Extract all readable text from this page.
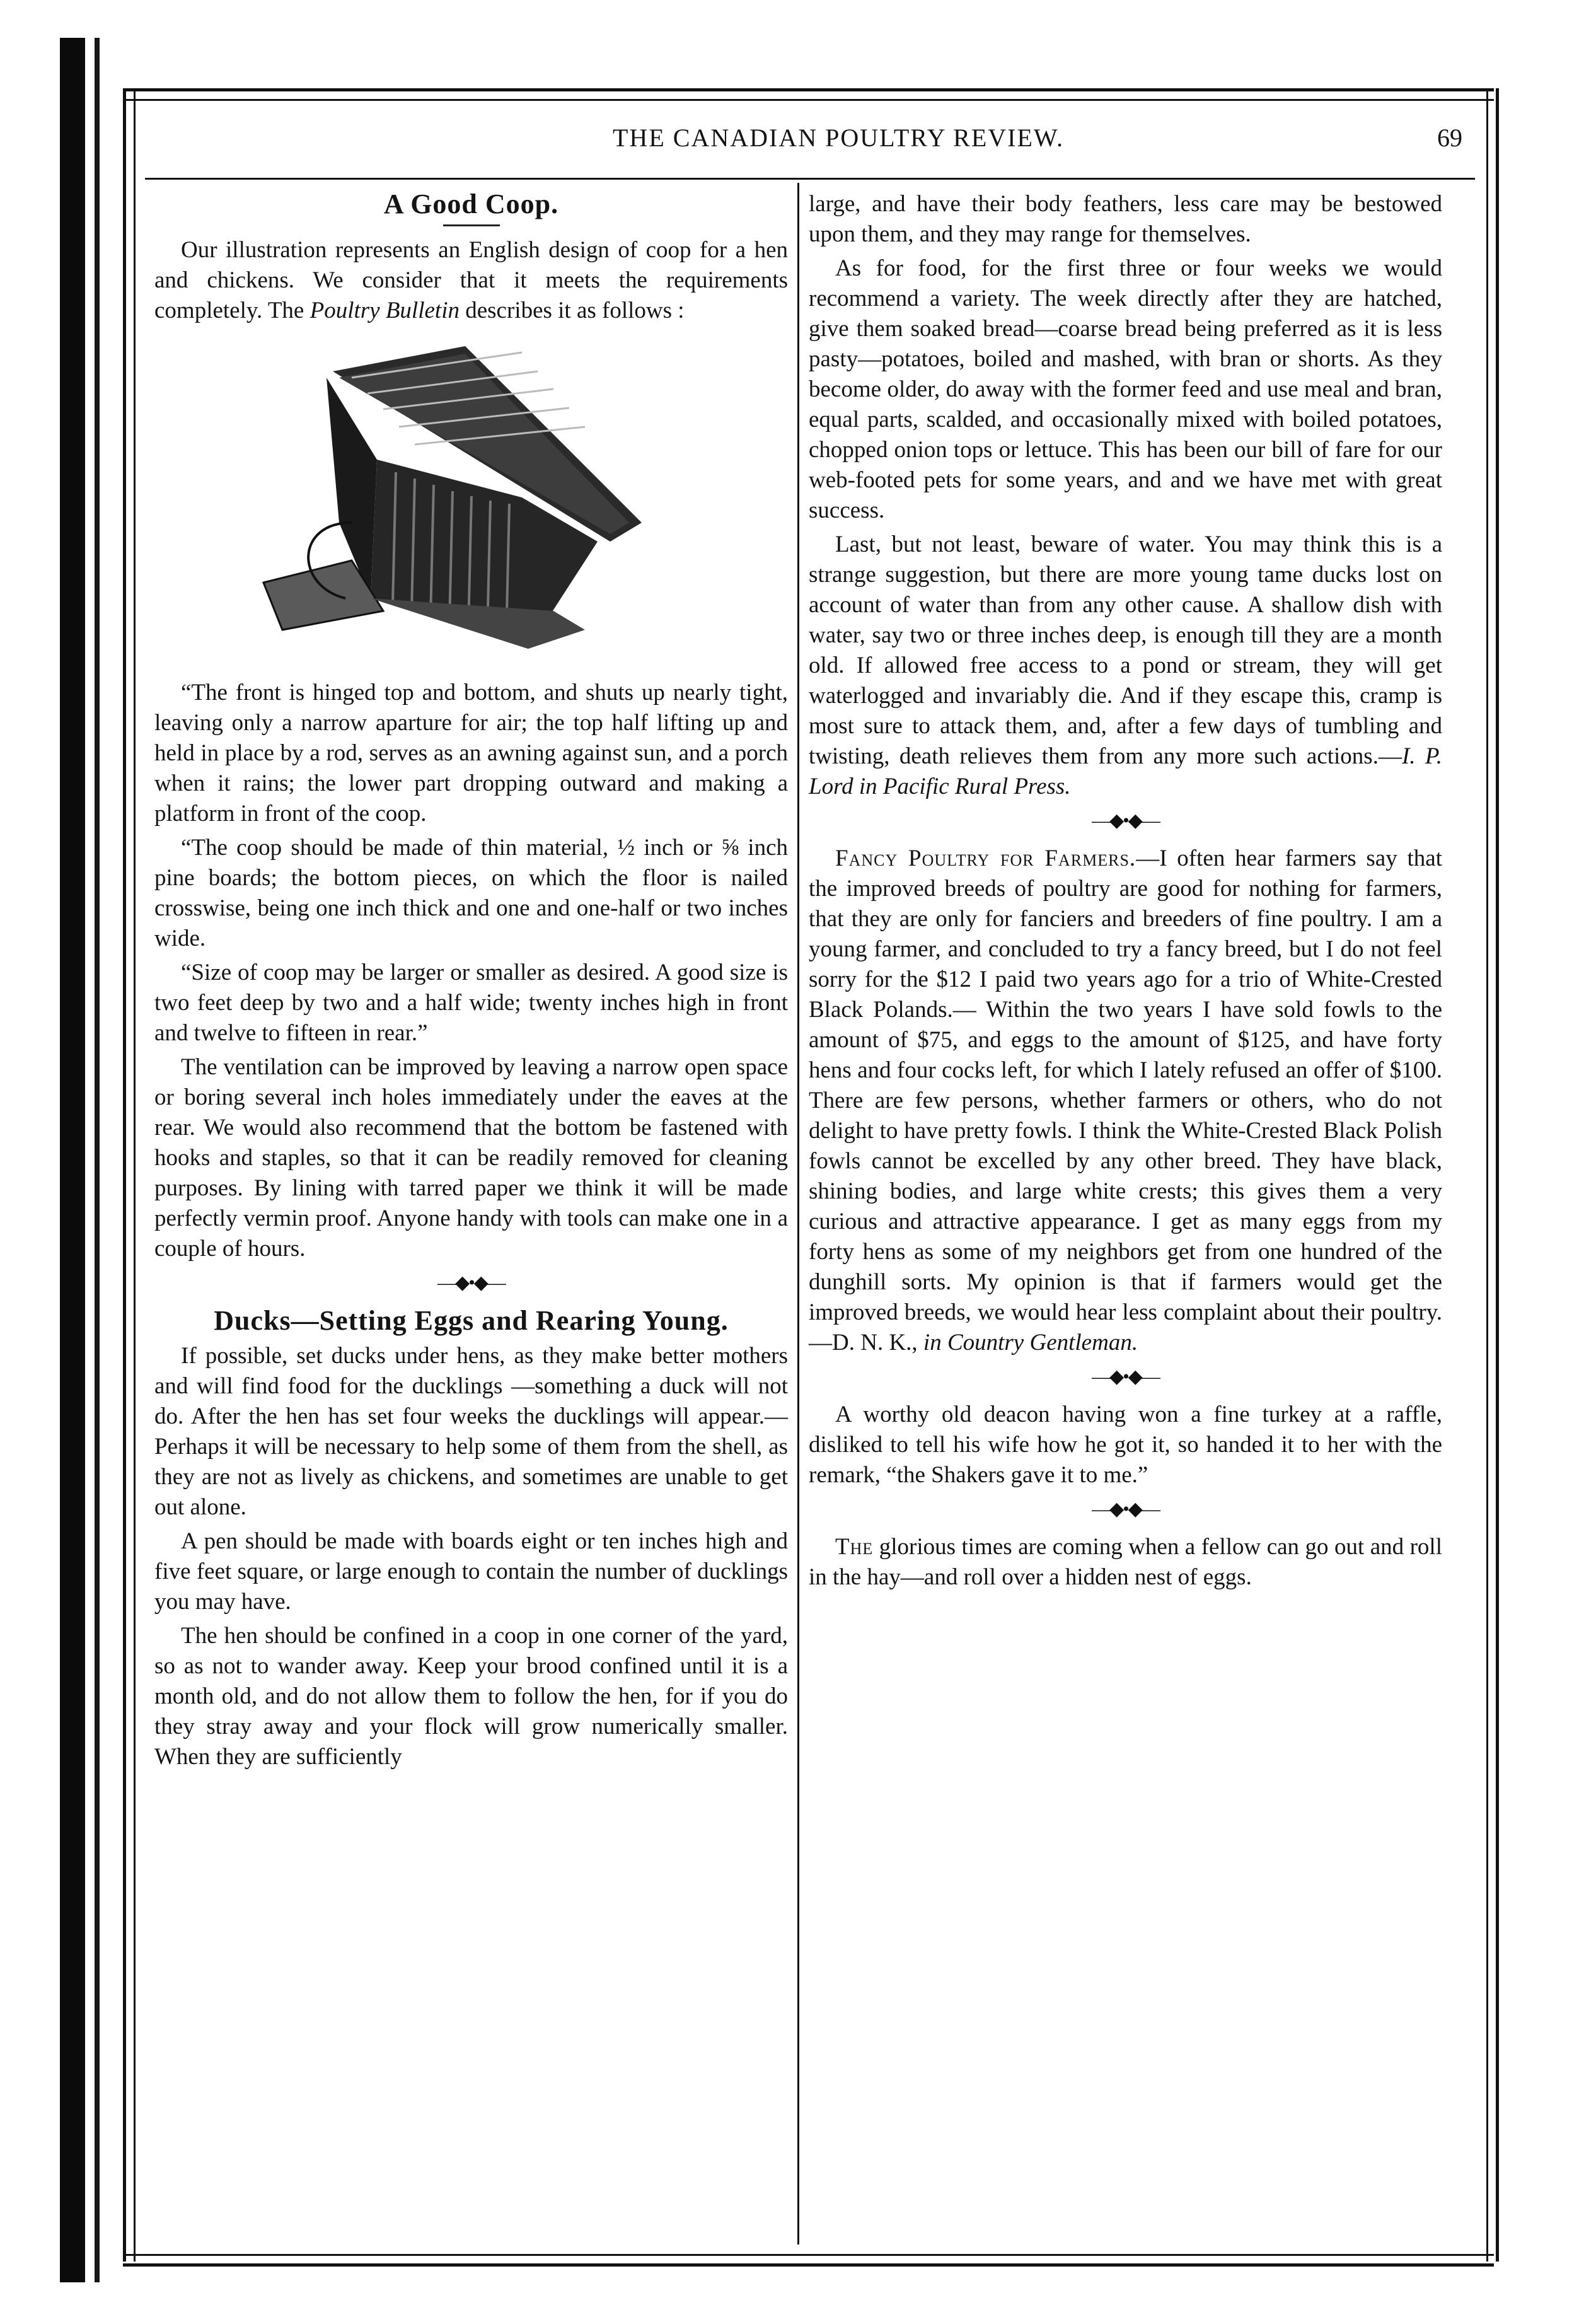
THE CANADIAN POULTRY REVIEW.	69
A Good Coop.

Our illustration represents an English design of coop for a hen and chickens. We consider that it meets the requirements completely. The Poultry Bulletin describes it as follows :

“The front is hinged top and bottom, and shuts up nearly tight, leaving only a narrow aparture for air; the top half lifting up and held in place by a rod, serves as an awning against sun, and a porch when it rains; the lower part dropping outward and making a platform in front of the coop.

“The coop should be made of thin material, ½ inch or ⅝ inch pine boards; the bottom pieces, on which the floor is nailed crosswise, being one inch thick and one and one-half or two inches wide.

“Size of coop may be larger or smaller as desired. A good size is two feet deep by two and a half wide; twenty inches high in front and twelve to fifteen in rear.”

The ventilation can be improved by leaving a narrow open space or boring several inch holes immediately under the eaves at the rear. We would also recommend that the bottom be fastened with hooks and staples, so that it can be readily removed for cleaning purposes. By lining with tarred paper we think it will be made perfectly vermin proof. Anyone handy with tools can make one in a couple of hours.

—◆•◆—
Ducks—Setting Eggs and Rearing Young.

If possible, set ducks under hens, as they make better mothers and will find food for the ducklings —something a duck will not do. After the hen has set four weeks the ducklings will appear.— Perhaps it will be necessary to help some of them from the shell, as they are not as lively as chickens, and sometimes are unable to get out alone.

A pen should be made with boards eight or ten inches high and five feet square, or large enough to contain the number of ducklings you may have.

The hen should be confined in a coop in one corner of the yard, so as not to wander away. Keep your brood confined until it is a month old, and do not allow them to follow the hen, for if you do they stray away and your flock will grow numerically smaller. When they are sufficiently

large, and have their body feathers, less care may be bestowed upon them, and they may range for themselves.

As for food, for the first three or four weeks we would recommend a variety. The week directly after they are hatched, give them soaked bread—coarse bread being preferred as it is less pasty—potatoes, boiled and mashed, with bran or shorts. As they become older, do away with the former feed and use meal and bran, equal parts, scalded, and occasionally mixed with boiled potatoes, chopped onion tops or lettuce. This has been our bill of fare for our web-footed pets for some years, and and we have met with great success.

Last, but not least, beware of water. You may think this is a strange suggestion, but there are more young tame ducks lost on account of water than from any other cause. A shallow dish with water, say two or three inches deep, is enough till they are a month old. If allowed free access to a pond or stream, they will get waterlogged and invariably die. And if they escape this, cramp is most sure to attack them, and, after a few days of tumbling and twisting, death relieves them from any more such actions.—I. P. Lord in Pacific Rural Press.

—◆•◆—

Fancy Poultry for Farmers.—I often hear farmers say that the improved breeds of poultry are good for nothing for farmers, that they are only for fanciers and breeders of fine poultry. I am a young farmer, and concluded to try a fancy breed, but I do not feel sorry for the $12 I paid two years ago for a trio of White-Crested Black Polands.— Within the two years I have sold fowls to the amount of $75, and eggs to the amount of $125, and have forty hens and four cocks left, for which I lately refused an offer of $100. There are few persons, whether farmers or others, who do not delight to have pretty fowls. I think the White-Crested Black Polish fowls cannot be excelled by any other breed. They have black, shining bodies, and large white crests; this gives them a very curious and attractive appearance. I get as many eggs from my forty hens as some of my neighbors get from one hundred of the dunghill sorts. My opinion is that if farmers would get the improved breeds, we would hear less complaint about their poultry.—D. N. K., in Country Gentleman.

—◆•◆—

A worthy old deacon having won a fine turkey at a raffle, disliked to tell his wife how he got it, so handed it to her with the remark, “the Shakers gave it to me.”

—◆•◆—

The glorious times are coming when a fellow can go out and roll in the hay—and roll over a hidden nest of eggs.
